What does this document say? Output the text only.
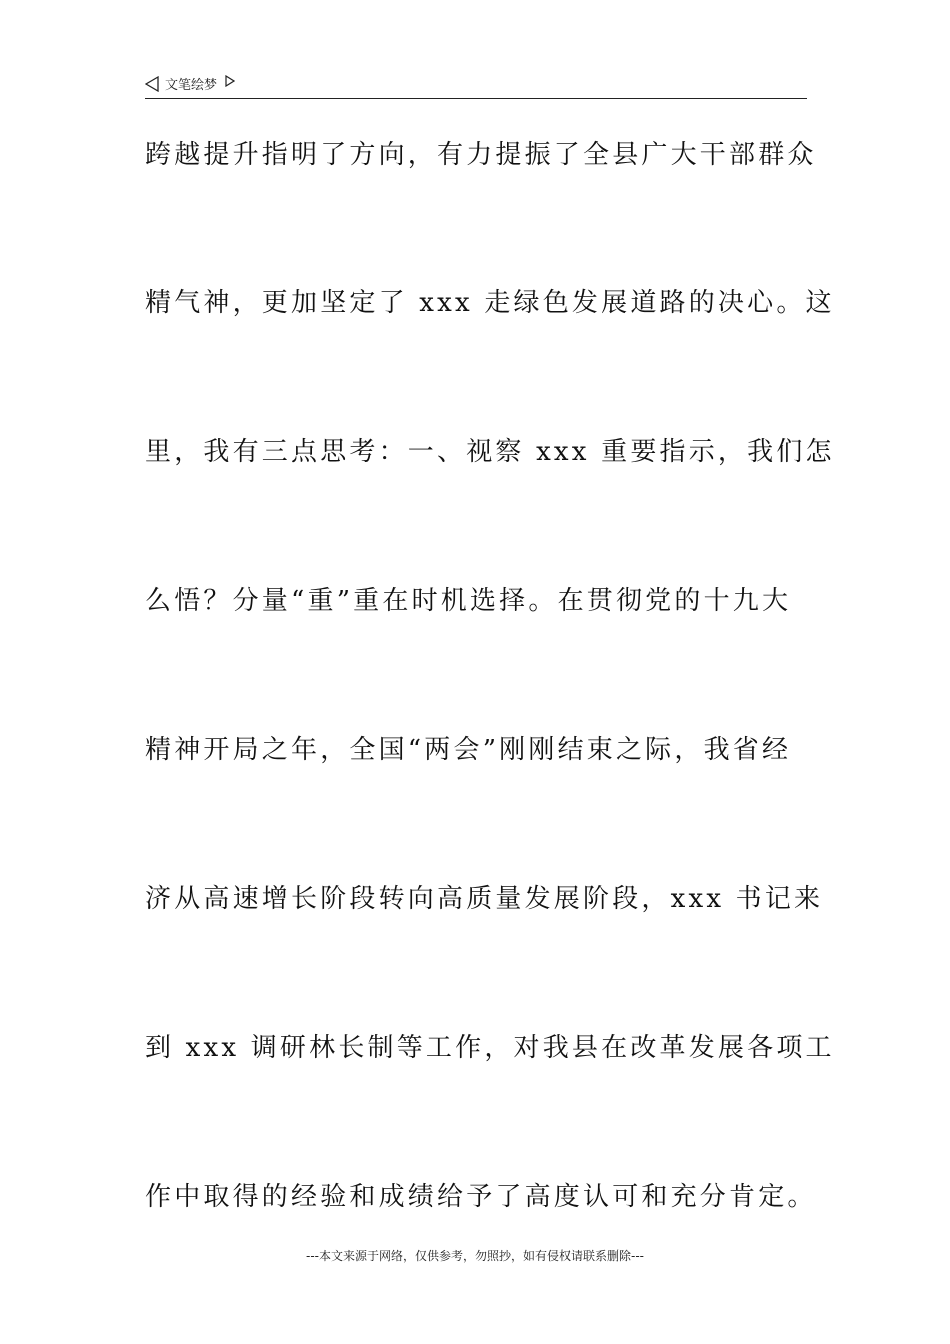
文笔绘梦
跨越提升指明了方向，有力提振了全县广大干部群众
精气神，更加坚定了 xxx 走绿色发展道路的决心。这
里，我有三点思考：一、视察 xxx 重要指示，我们怎
么悟？分量“重”重在时机选择。在贯彻党的十九大
精神开局之年，全国“两会”刚刚结束之际，我省经
济从高速增长阶段转向高质量发展阶段，xxx 书记来
到 xxx 调研林长制等工作，对我县在改革发展各项工
作中取得的经验和成绩给予了高度认可和充分肯定。
---本文来源于网络，仅供参考，勿照抄，如有侵权请联系删除---
